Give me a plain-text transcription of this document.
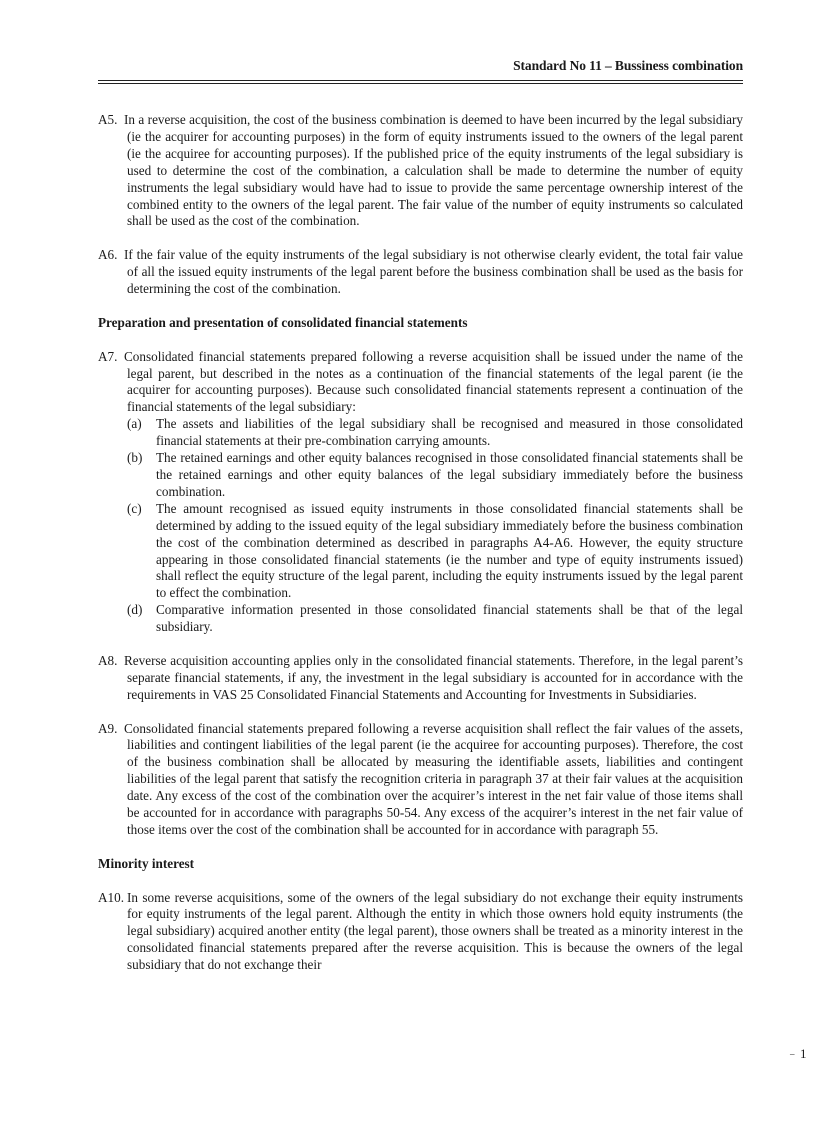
Standard No 11 – Bussiness combination

A5. In a reverse acquisition, the cost of the business combination is deemed to have been incurred by the legal subsidiary (ie the acquirer for accounting purposes) in the form of equity instruments issued to the owners of the legal parent (ie the acquiree for accounting purposes). If the published price of the equity instruments of the legal subsidiary is used to determine the cost of the combination, a calculation shall be made to determine the number of equity instruments the legal subsidiary would have had to issue to provide the same percentage ownership interest of the combined entity to the owners of the legal parent. The fair value of the number of equity instruments so calculated shall be used as the cost of the combination.

A6. If the fair value of the equity instruments of the legal subsidiary is not otherwise clearly evident, the total fair value of all the issued equity instruments of the legal parent before the business combination shall be used as the basis for determining the cost of the combination.

Preparation and presentation of consolidated financial statements

A7. Consolidated financial statements prepared following a reverse acquisition shall be issued under the name of the legal parent, but described in the notes as a continuation of the financial statements of the legal parent (ie the acquirer for accounting purposes). Because such consolidated financial statements represent a continuation of the financial statements of the legal subsidiary:

(a) The assets and liabilities of the legal subsidiary shall be recognised and measured in those consolidated financial statements at their pre-combination carrying amounts.

(b) The retained earnings and other equity balances recognised in those consolidated financial statements shall be the retained earnings and other equity balances of the legal subsidiary immediately before the business combination.

(c) The amount recognised as issued equity instruments in those consolidated financial statements shall be determined by adding to the issued equity of the legal subsidiary immediately before the business combination the cost of the combination determined as described in paragraphs A4-A6. However, the equity structure appearing in those consolidated financial statements (ie the number and type of equity instruments issued) shall reflect the equity structure of the legal parent, including the equity instruments issued by the legal parent to effect the combination.

(d) Comparative information presented in those consolidated financial statements shall be that of the legal subsidiary.

A8. Reverse acquisition accounting applies only in the consolidated financial statements. Therefore, in the legal parent’s separate financial statements, if any, the investment in the legal subsidiary is accounted for in accordance with the requirements in VAS 25 Consolidated Financial Statements and Accounting for Investments in Subsidiaries.

A9. Consolidated financial statements prepared following a reverse acquisition shall reflect the fair values of the assets, liabilities and contingent liabilities of the legal parent (ie the acquiree for accounting purposes). Therefore, the cost of the business combination shall be allocated by measuring the identifiable assets, liabilities and contingent liabilities of the legal parent that satisfy the recognition criteria in paragraph 37 at their fair values at the acquisition date. Any excess of the cost of the combination over the acquirer’s interest in the net fair value of those items shall be accounted for in accordance with paragraphs 50-54. Any excess of the acquirer’s interest in the net fair value of those items over the cost of the combination shall be accounted for in accordance with paragraph 55.

Minority interest

A10. In some reverse acquisitions, some of the owners of the legal subsidiary do not exchange their equity instruments for equity instruments of the legal parent. Although the entity in which those owners hold equity instruments (the legal subsidiary) acquired another entity (the legal parent), those owners shall be treated as a minority interest in the consolidated financial statements prepared after the reverse acquisition. This is because the owners of the legal subsidiary that do not exchange their

– 1
